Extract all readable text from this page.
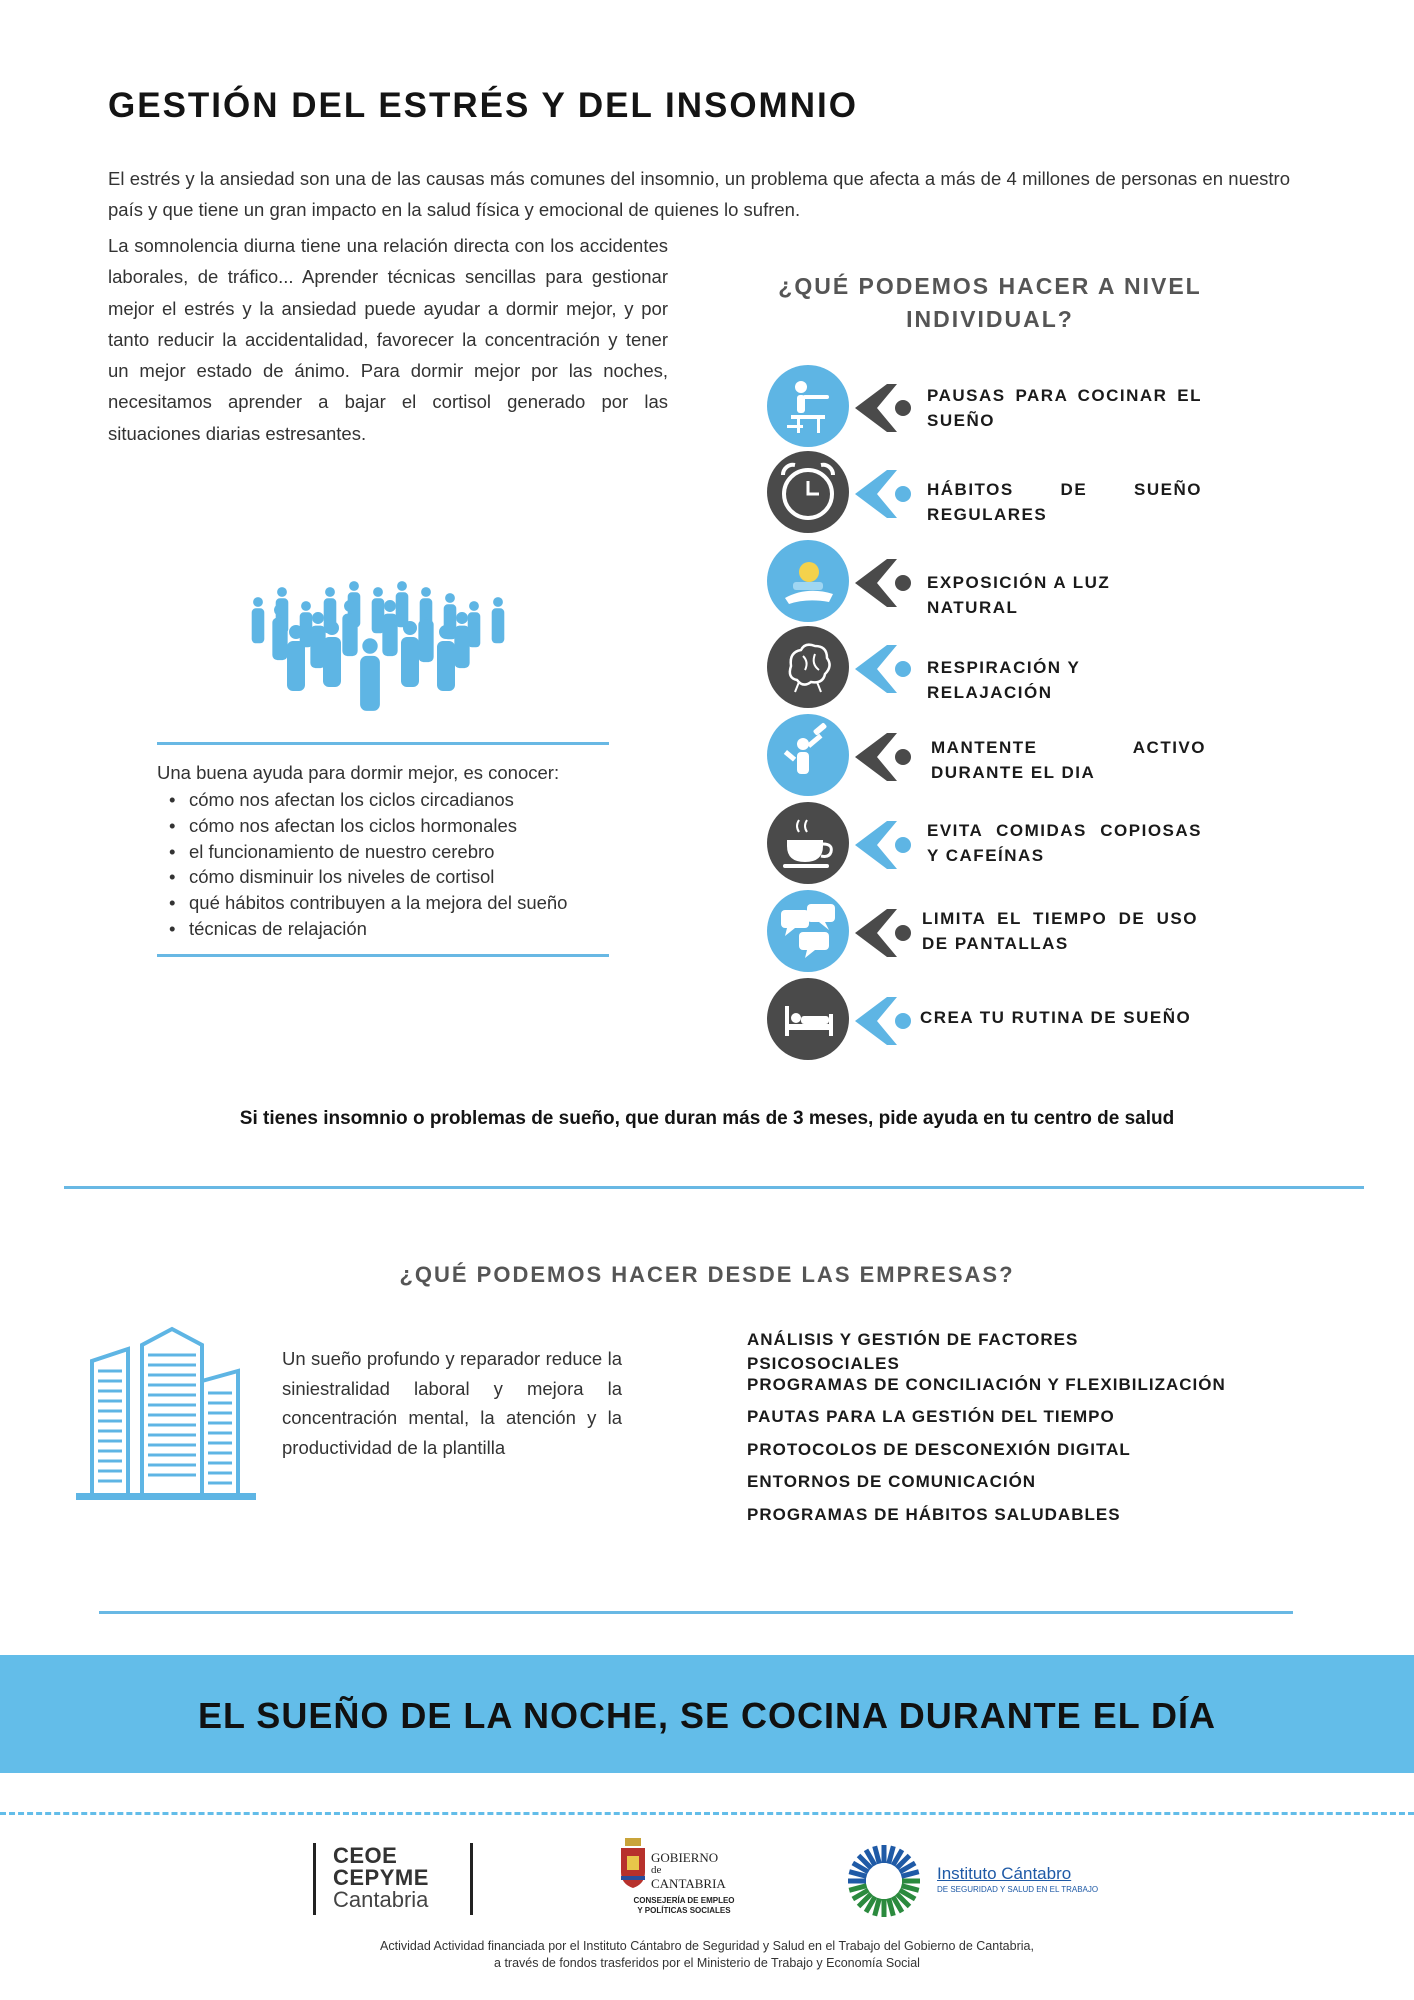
GESTIÓN DEL ESTRÉS Y DEL INSOMNIO
El estrés y la ansiedad son una de las causas más comunes del insomnio, un problema que afecta a más de 4 millones de personas en nuestro país y que tiene un gran impacto en la salud física y emocional de quienes lo sufren.
La somnolencia diurna tiene una relación directa con los accidentes laborales, de tráfico... Aprender técnicas sencillas para gestionar mejor el estrés y la ansiedad puede ayudar a dormir mejor, y por tanto reducir la accidentalidad, favorecer la concentración y tener un mejor estado de ánimo. Para dormir mejor por las noches, necesitamos aprender a bajar el cortisol generado por las situaciones diarias estresantes.
Una buena ayuda para dormir mejor, es conocer:
• cómo nos afectan los ciclos circadianos
• cómo nos afectan los ciclos hormonales
• el funcionamiento de nuestro cerebro
• cómo disminuir los niveles de cortisol
• qué hábitos contribuyen a la mejora del sueño
• técnicas de relajación
¿QUÉ PODEMOS HACER A NIVEL INDIVIDUAL?
PAUSAS PARA COCINAR EL SUEÑO
HÁBITOS DE SUEÑO REGULARES
EXPOSICIÓN A LUZ NATURAL
RESPIRACIÓN Y RELAJACIÓN
MANTENTE ACTIVO DURANTE EL DIA
EVITA COMIDAS COPIOSAS Y CAFEÍNAS
LIMITA EL TIEMPO DE USO DE PANTALLAS
CREA TU RUTINA DE SUEÑO
Si tienes insomnio o problemas de sueño, que duran más de 3 meses, pide ayuda en tu centro de salud
¿QUÉ PODEMOS HACER DESDE LAS EMPRESAS?
Un sueño profundo y reparador reduce la siniestralidad laboral y mejora la concentración mental, la atención y la productividad de la plantilla
ANÁLISIS Y GESTIÓN DE FACTORES
PSICOSOCIALES
PROGRAMAS DE CONCILIACIÓN Y FLEXIBILIZACIÓN
PAUTAS PARA LA GESTIÓN DEL TIEMPO
PROTOCOLOS DE DESCONEXIÓN DIGITAL
ENTORNOS DE COMUNICACIÓN
PROGRAMAS DE HÁBITOS SALUDABLES
EL SUEÑO DE LA NOCHE, SE COCINA DURANTE EL DÍA
CEOE
CEPYME
Cantabria
GOBIERNO
de
CANTABRIA
CONSEJERÍA DE EMPLEO
Y POLÍTICAS SOCIALES
Instituto Cántabro
DE SEGURIDAD Y SALUD EN EL TRABAJO
Actividad Actividad financiada por el Instituto Cántabro de Seguridad y Salud en el Trabajo del Gobierno de Cantabria,
a través de fondos trasferidos por el Ministerio de Trabajo y Economía Social
